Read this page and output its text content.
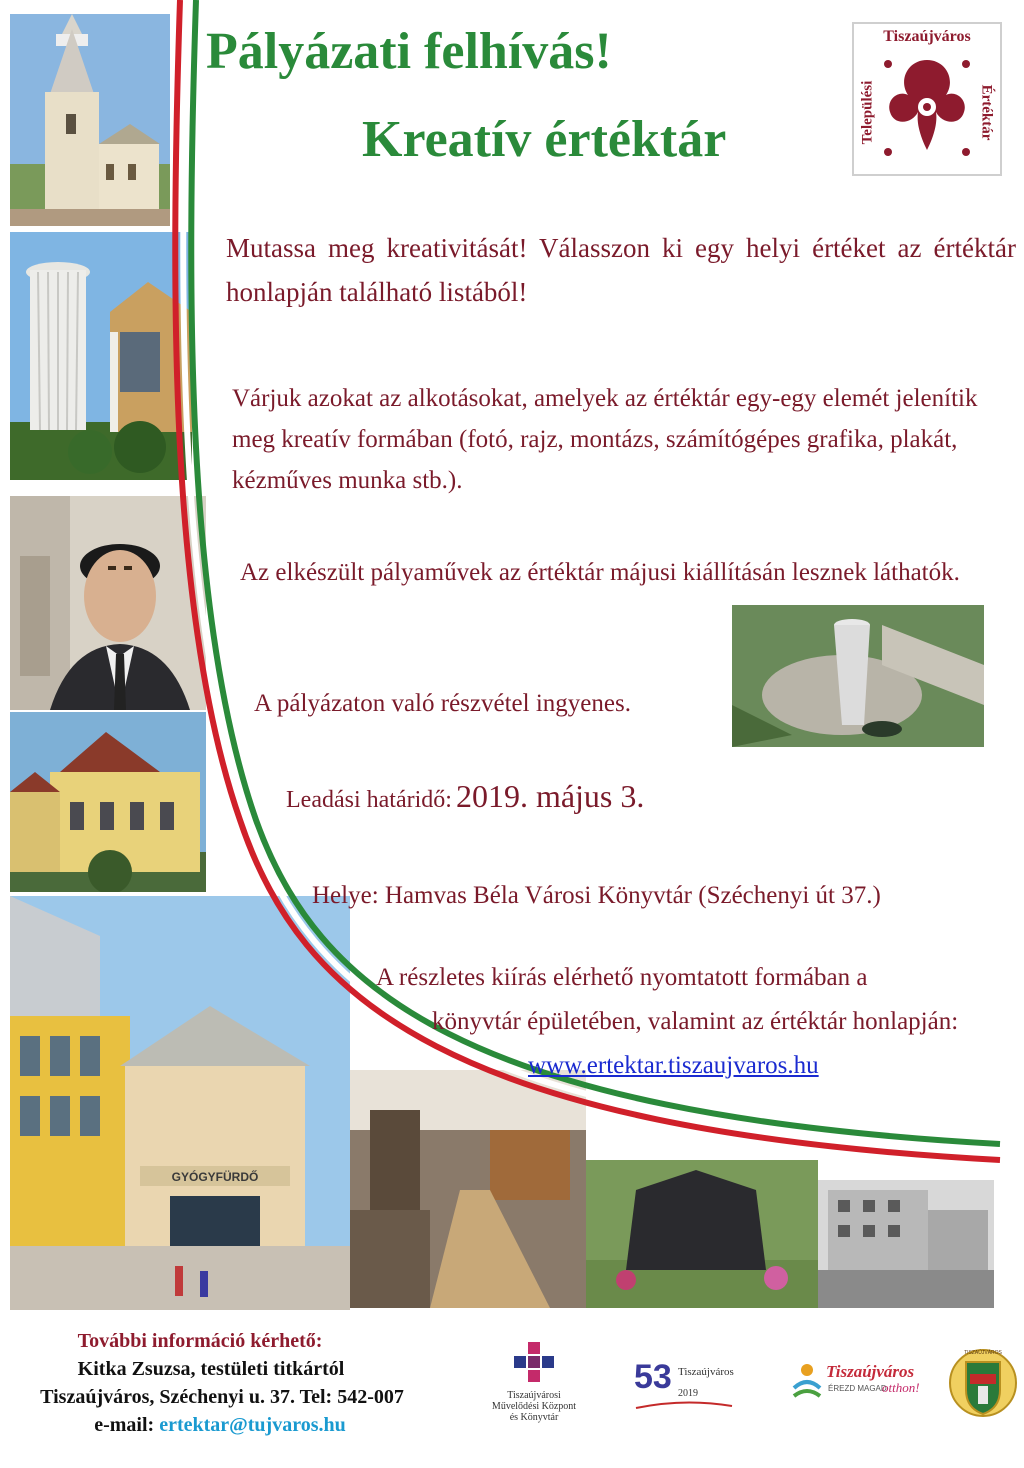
GYÓGYFÜRDŐ
Pályázati felhívás!
Kreatív értéktár
Tiszaújváros
Települési	Értéktár
Mutassa meg kreativitását! Válasszon ki egy helyi értéket az értéktár honlapján található listából!
Várjuk azokat az alkotásokat, amelyek az értéktár egy-egy elemét jelenítik meg kreatív formában (fotó, rajz, montázs, számítógépes grafika, plakát, kézműves munka stb.).
Az elkészült pályaművek az értéktár májusi kiállításán lesznek láthatók.
A pályázaton való részvétel ingyenes.
Leadási határidő: 2019. május 3.
Helye: Hamvas Béla Városi Könyvtár (Széchenyi út 37.)
A részletes kiírás elérhető nyomtatott formában a
könyvtár épületében, valamint az értéktár honlapján:
www.ertektar.tiszaujvaros.hu
További információ kérhető:
Kitka Zsuzsa, testületi titkártól
Tiszaújváros, Széchenyi u. 37. Tel: 542-007
e-mail: ertektar@tujvaros.hu
Tiszaújvárosi
Művelődési Központ
és Könyvtár
53 Tiszaújváros
2019
Tiszaújváros
ÉREZD MAGAD
otthon!
TISZAÚJVÁROS
